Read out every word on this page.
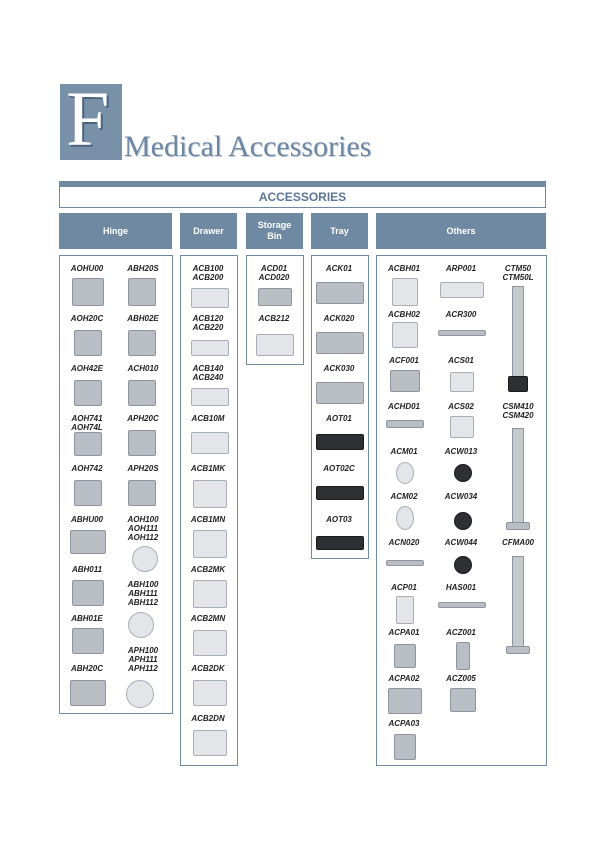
F Medical Accessories
ACCESSORIES
Hinge	Drawer
Storage
Bin
Tray	Others
AOHU00
AOH20C
AOH42E
AOH741
AOH74L
AOH742
ABHU00
ABH011
ABH01E
ABH20C
ABH20S
ABH02E
ACH010
APH20C
APH20S
AOH100
AOH111
AOH112
ABH100
ABH111
ABH112
APH100
APH111
APH112
ACB100
ACB200
ACB120
ACB220
ACB140
ACB240
ACB10M
ACB1MK
ACB1MN
ACB2MK
ACB2MN
ACB2DK
ACB2DN
ACD01
ACD020
ACB212
ACK01
ACK020
ACK030
AOT01
AOT02C
AOT03
ACBH01
ACBH02
ACF001
ACHD01
ACM01
ACM02
ACN020
ACP01
ACPA01
ACPA02
ACPA03
ARP001
ACR300
ACS01
ACS02
ACW013
ACW034
ACW044
HAS001
ACZ001
ACZ005
CTM50
CTM50L
CSM410
CSM420
CFMA00
